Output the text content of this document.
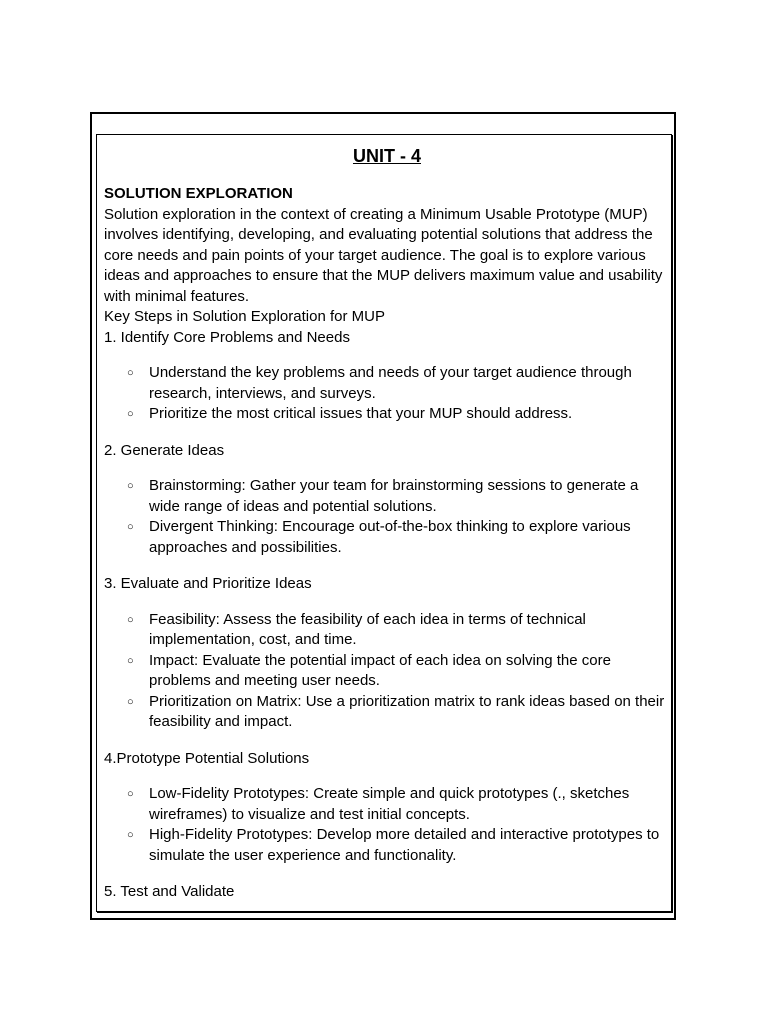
UNIT - 4
SOLUTION EXPLORATION

Solution exploration in the context of creating a Minimum Usable Prototype (MUP) involves identifying, developing, and evaluating potential solutions that address the core needs and pain points of your target audience. The goal is to explore various ideas and approaches to ensure that the MUP delivers maximum value and usability with minimal features.

Key Steps in Solution Exploration for MUP

1. Identify Core Problems and Needs

○ Understand the key problems and needs of your target audience through research, interviews, and surveys.
○ Prioritize the most critical issues that your MUP should address.

2. Generate Ideas

○ Brainstorming: Gather your team for brainstorming sessions to generate a wide range of ideas and potential solutions.
○ Divergent Thinking: Encourage out-of-the-box thinking to explore various approaches and possibilities.

3. Evaluate and Prioritize Ideas

○ Feasibility: Assess the feasibility of each idea in terms of technical implementation, cost, and time.
○ Impact: Evaluate the potential impact of each idea on solving the core problems and meeting user needs.
○ Prioritization on Matrix: Use a prioritization matrix to rank ideas based on their feasibility and impact.

4.Prototype Potential Solutions

○ Low-Fidelity Prototypes: Create simple and quick prototypes (., sketches wireframes) to visualize and test initial concepts.
○ High-Fidelity Prototypes: Develop more detailed and interactive prototypes to simulate the user experience and functionality.

5. Test and Validate
